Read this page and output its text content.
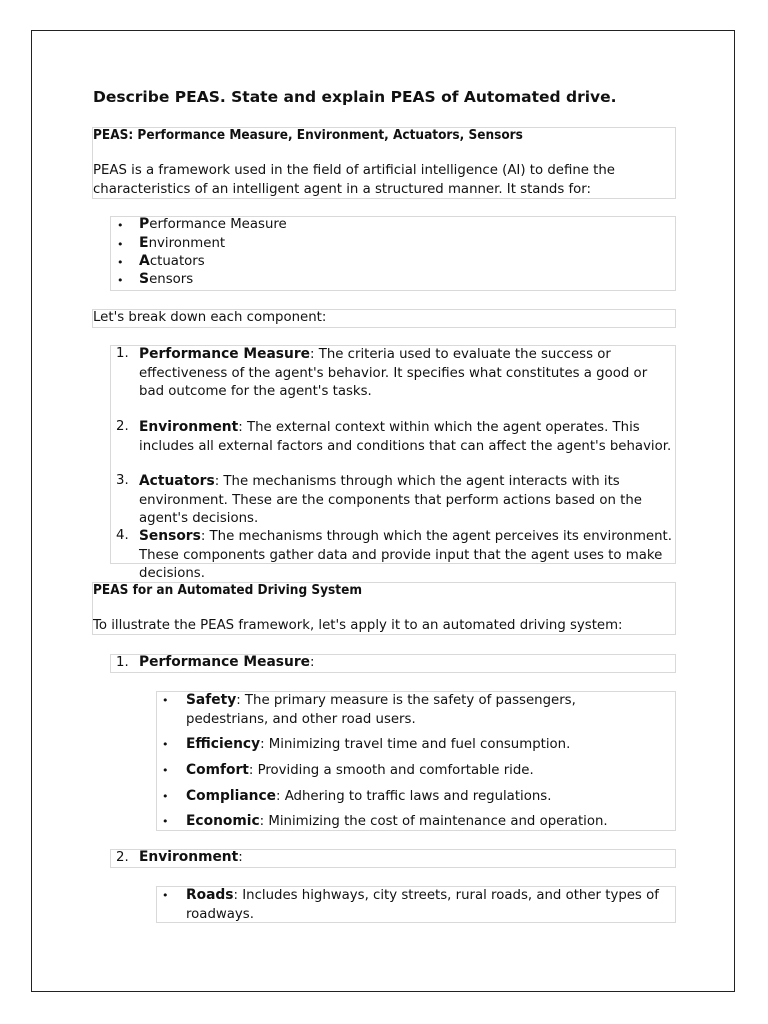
Describe PEAS. State and explain PEAS of Automated drive.
PEAS: Performance Measure, Environment, Actuators, Sensors
PEAS is a framework used in the field of artificial intelligence (AI) to define the characteristics of an intelligent agent in a structured manner. It stands for:
• Performance Measure
• Environment
• Actuators
• Sensors
Let's break down each component:
1. Performance Measure: The criteria used to evaluate the success or effectiveness of the agent's behavior. It specifies what constitutes a good or bad outcome for the agent's tasks.
2. Environment: The external context within which the agent operates. This includes all external factors and conditions that can affect the agent's behavior.
3. Actuators: The mechanisms through which the agent interacts with its environment. These are the components that perform actions based on the agent's decisions.
4. Sensors: The mechanisms through which the agent perceives its environment. These components gather data and provide input that the agent uses to make decisions.
PEAS for an Automated Driving System
To illustrate the PEAS framework, let's apply it to an automated driving system:
1. Performance Measure:
• Safety: The primary measure is the safety of passengers, pedestrians, and other road users.
• Efficiency: Minimizing travel time and fuel consumption.
• Comfort: Providing a smooth and comfortable ride.
• Compliance: Adhering to traffic laws and regulations.
• Economic: Minimizing the cost of maintenance and operation.
2. Environment:
• Roads: Includes highways, city streets, rural roads, and other types of roadways.
